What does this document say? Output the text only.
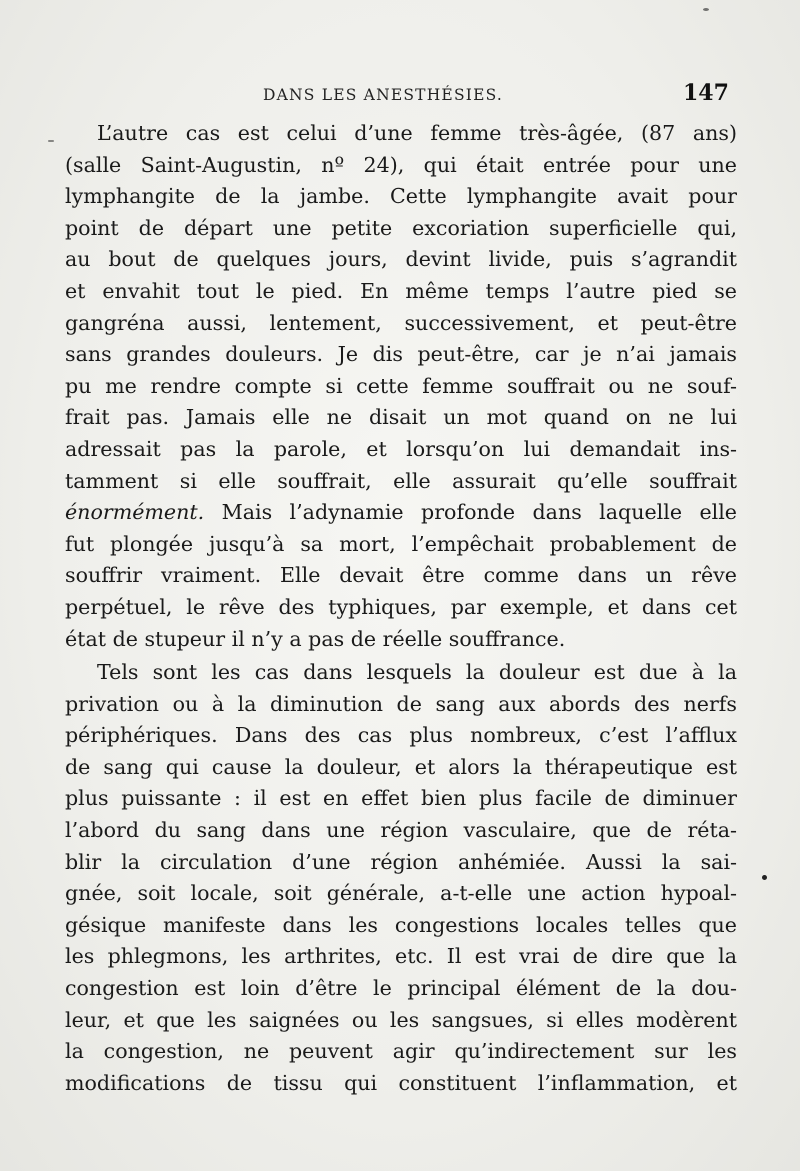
DANS LES ANESTHÉSIES.	147
L’autre cas est celui d’une femme très-âgée, (87 ans)
(salle Saint-Augustin, nº 24), qui était entrée pour une
lymphangite de la jambe. Cette lymphangite avait pour
point de départ une petite excoriation superficielle qui,
au bout de quelques jours, devint livide, puis s’agrandit
et envahit tout le pied. En même temps l’autre pied se
gangréna aussi, lentement, successivement, et peut-être
sans grandes douleurs. Je dis peut-être, car je n’ai jamais
pu me rendre compte si cette femme souffrait ou ne souf-
frait pas. Jamais elle ne disait un mot quand on ne lui
adressait pas la parole, et lorsqu’on lui demandait ins-
tamment si elle souffrait, elle assurait qu’elle souffrait
énormément. Mais l’adynamie profonde dans laquelle elle
fut plongée jusqu’à sa mort, l’empêchait probablement de
souffrir vraiment. Elle devait être comme dans un rêve
perpétuel, le rêve des typhiques, par exemple, et dans cet
état de stupeur il n’y a pas de réelle souffrance.
Tels sont les cas dans lesquels la douleur est due à la
privation ou à la diminution de sang aux abords des nerfs
périphériques. Dans des cas plus nombreux, c’est l’afflux
de sang qui cause la douleur, et alors la thérapeutique est
plus puissante : il est en effet bien plus facile de diminuer
l’abord du sang dans une région vasculaire, que de réta-
blir la circulation d’une région anhémiée. Aussi la sai-
gnée, soit locale, soit générale, a-t-elle une action hypoal-
gésique manifeste dans les congestions locales telles que
les phlegmons, les arthrites, etc. Il est vrai de dire que la
congestion est loin d’être le principal élément de la dou-
leur, et que les saignées ou les sangsues, si elles modèrent
la congestion, ne peuvent agir qu’indirectement sur les
modifications de tissu qui constituent l’inflammation, et
